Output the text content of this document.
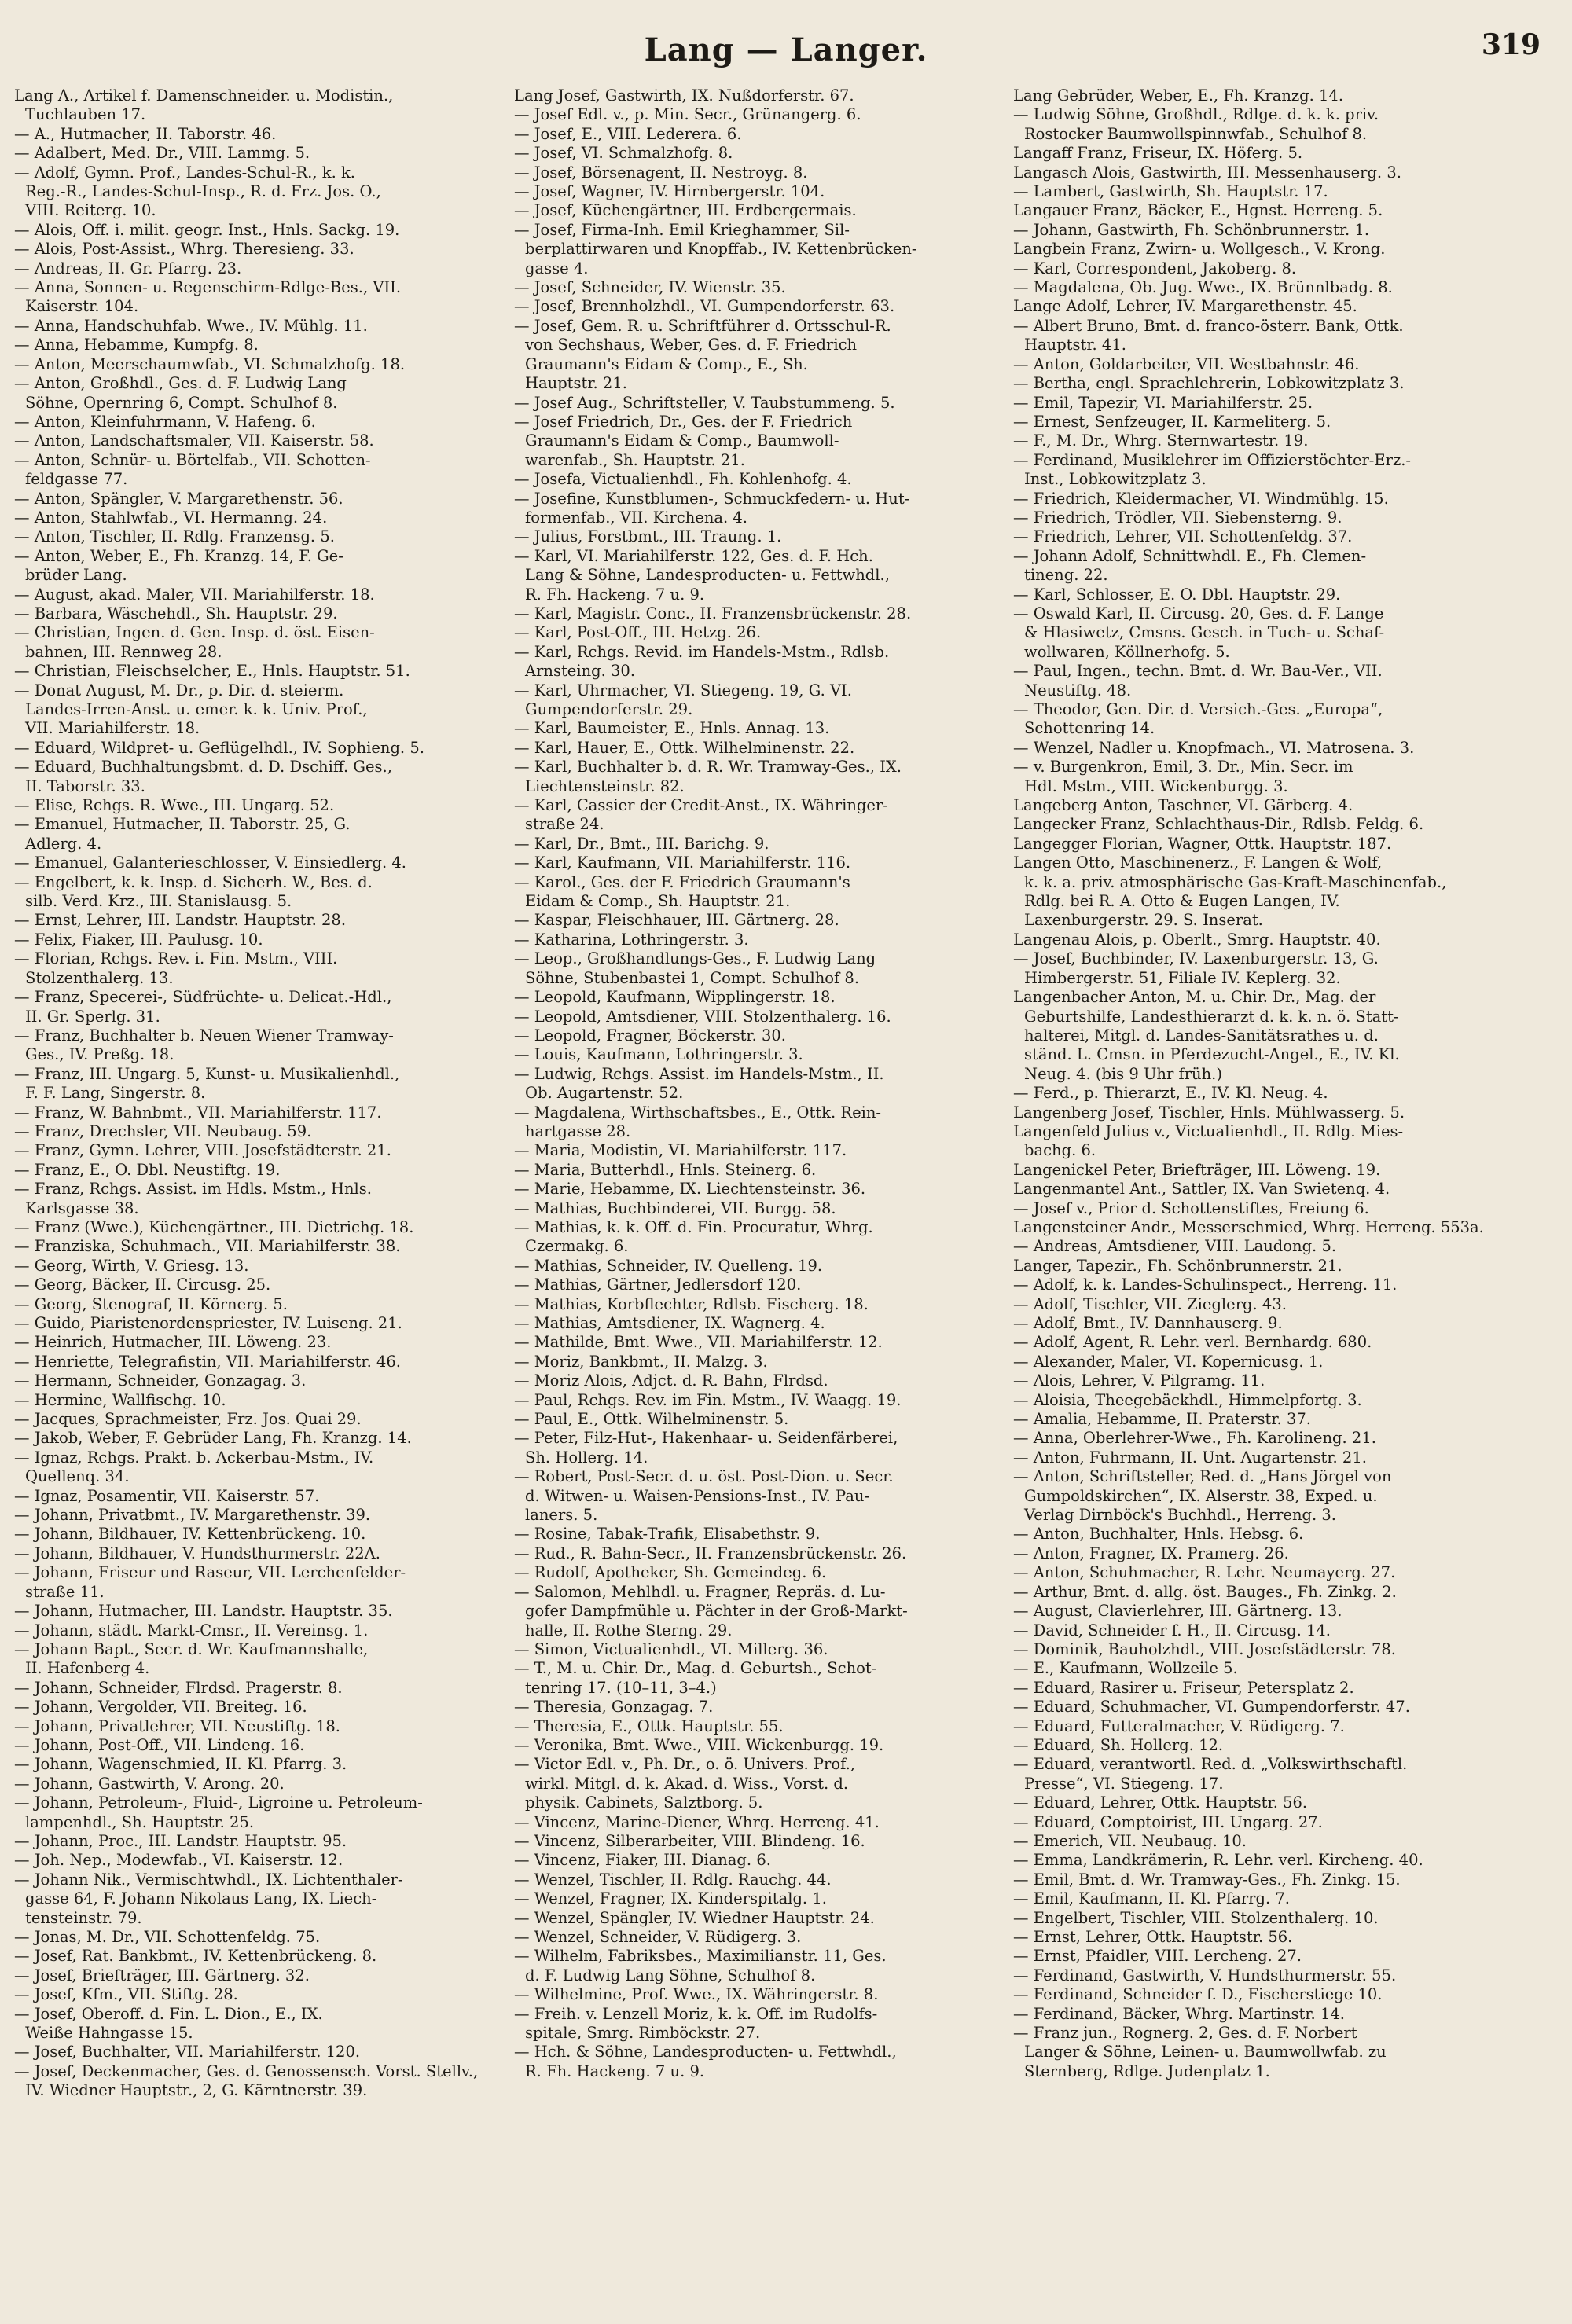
Lang — Langer.	319
Lang A., Artikel f. Damenschneider. u. Modistin.,
Tuchlauben 17.
— A., Hutmacher, II. Taborstr. 46.
— Adalbert, Med. Dr., VIII. Lammg. 5.
— Adolf, Gymn. Prof., Landes-Schul-R., k. k.
Reg.-R., Landes-Schul-Insp., R. d. Frz. Jos. O.,
VIII. Reiterg. 10.
— Alois, Off. i. milit. geogr. Inst., Hnls. Sackg. 19.
— Alois, Post-Assist., Whrg. Theresieng. 33.
— Andreas, II. Gr. Pfarrg. 23.
— Anna, Sonnen- u. Regenschirm-Rdlge-Bes., VII.
Kaiserstr. 104.
— Anna, Handschuhfab. Wwe., IV. Mühlg. 11.
— Anna, Hebamme, Kumpfg. 8.
— Anton, Meerschaumwfab., VI. Schmalzhofg. 18.
— Anton, Großhdl., Ges. d. F. Ludwig Lang
Söhne, Opernring 6, Compt. Schulhof 8.
— Anton, Kleinfuhrmann, V. Hafeng. 6.
— Anton, Landschaftsmaler, VII. Kaiserstr. 58.
— Anton, Schnür- u. Börtelfab., VII. Schotten-
feldgasse 77.
— Anton, Spängler, V. Margarethenstr. 56.
— Anton, Stahlwfab., VI. Hermanng. 24.
— Anton, Tischler, II. Rdlg. Franzensg. 5.
— Anton, Weber, E., Fh. Kranzg. 14, F. Ge-
brüder Lang.
— August, akad. Maler, VII. Mariahilferstr. 18.
— Barbara, Wäschehdl., Sh. Hauptstr. 29.
— Christian, Ingen. d. Gen. Insp. d. öst. Eisen-
bahnen, III. Rennweg 28.
— Christian, Fleischselcher, E., Hnls. Hauptstr. 51.
— Donat August, M. Dr., p. Dir. d. steierm.
Landes-Irren-Anst. u. emer. k. k. Univ. Prof.,
VII. Mariahilferstr. 18.
— Eduard, Wildpret- u. Geflügelhdl., IV. Sophieng. 5.
— Eduard, Buchhaltungsbmt. d. D. Dschiff. Ges.,
II. Taborstr. 33.
— Elise, Rchgs. R. Wwe., III. Ungarg. 52.
— Emanuel, Hutmacher, II. Taborstr. 25, G.
Adlerg. 4.
— Emanuel, Galanterieschlosser, V. Einsiedlerg. 4.
— Engelbert, k. k. Insp. d. Sicherh. W., Bes. d.
silb. Verd. Krz., III. Stanislausg. 5.
— Ernst, Lehrer, III. Landstr. Hauptstr. 28.
— Felix, Fiaker, III. Paulusg. 10.
— Florian, Rchgs. Rev. i. Fin. Mstm., VIII.
Stolzenthalerg. 13.
— Franz, Specerei-, Südfrüchte- u. Delicat.-Hdl.,
II. Gr. Sperlg. 31.
— Franz, Buchhalter b. Neuen Wiener Tramway-
Ges., IV. Preßg. 18.
— Franz, III. Ungarg. 5, Kunst- u. Musikalienhdl.,
F. F. Lang, Singerstr. 8.
— Franz, W. Bahnbmt., VII. Mariahilferstr. 117.
— Franz, Drechsler, VII. Neubaug. 59.
— Franz, Gymn. Lehrer, VIII. Josefstädterstr. 21.
— Franz, E., O. Dbl. Neustiftg. 19.
— Franz, Rchgs. Assist. im Hdls. Mstm., Hnls.
Karlsgasse 38.
— Franz (Wwe.), Küchengärtner., III. Dietrichg. 18.
— Franziska, Schuhmach., VII. Mariahilferstr. 38.
— Georg, Wirth, V. Griesg. 13.
— Georg, Bäcker, II. Circusg. 25.
— Georg, Stenograf, II. Körnerg. 5.
— Guido, Piaristenordenspriester, IV. Luiseng. 21.
— Heinrich, Hutmacher, III. Löweng. 23.
— Henriette, Telegrafistin, VII. Mariahilferstr. 46.
— Hermann, Schneider, Gonzagag. 3.
— Hermine, Wallfischg. 10.
— Jacques, Sprachmeister, Frz. Jos. Quai 29.
— Jakob, Weber, F. Gebrüder Lang, Fh. Kranzg. 14.
— Ignaz, Rchgs. Prakt. b. Ackerbau-Mstm., IV.
Quellenq. 34.
— Ignaz, Posamentir, VII. Kaiserstr. 57.
— Johann, Privatbmt., IV. Margarethenstr. 39.
— Johann, Bildhauer, IV. Kettenbrückeng. 10.
— Johann, Bildhauer, V. Hundsthurmerstr. 22A.
— Johann, Friseur und Raseur, VII. Lerchenfelder-
straße 11.
— Johann, Hutmacher, III. Landstr. Hauptstr. 35.
— Johann, städt. Markt-Cmsr., II. Vereinsg. 1.
— Johann Bapt., Secr. d. Wr. Kaufmannshalle,
II. Hafenberg 4.
— Johann, Schneider, Flrdsd. Pragerstr. 8.
— Johann, Vergolder, VII. Breiteg. 16.
— Johann, Privatlehrer, VII. Neustiftg. 18.
— Johann, Post-Off., VII. Lindeng. 16.
— Johann, Wagenschmied, II. Kl. Pfarrg. 3.
— Johann, Gastwirth, V. Arong. 20.
— Johann, Petroleum-, Fluid-, Ligroine u. Petroleum-
lampenhdl., Sh. Hauptstr. 25.
— Johann, Proc., III. Landstr. Hauptstr. 95.
— Joh. Nep., Modewfab., VI. Kaiserstr. 12.
— Johann Nik., Vermischtwhdl., IX. Lichtenthaler-
gasse 64, F. Johann Nikolaus Lang, IX. Liech-
tensteinstr. 79.
— Jonas, M. Dr., VII. Schottenfeldg. 75.
— Josef, Rat. Bankbmt., IV. Kettenbrückeng. 8.
— Josef, Briefträger, III. Gärtnerg. 32.
— Josef, Kfm., VII. Stiftg. 28.
— Josef, Oberoff. d. Fin. L. Dion., E., IX.
Weiße Hahngasse 15.
— Josef, Buchhalter, VII. Mariahilferstr. 120.
— Josef, Deckenmacher, Ges. d. Genossensch. Vorst. Stellv.,
IV. Wiedner Hauptstr., 2, G. Kärntnerstr. 39.
Lang Josef, Gastwirth, IX. Nußdorferstr. 67.
— Josef Edl. v., p. Min. Secr., Grünangerg. 6.
— Josef, E., VIII. Lederera. 6.
— Josef, VI. Schmalzhofg. 8.
— Josef, Börsenagent, II. Nestroyg. 8.
— Josef, Wagner, IV. Hirnbergerstr. 104.
— Josef, Küchengärtner, III. Erdbergermais.
— Josef, Firma-Inh. Emil Krieghammer, Sil-
berplattirwaren und Knopffab., IV. Kettenbrücken-
gasse 4.
— Josef, Schneider, IV. Wienstr. 35.
— Josef, Brennholzhdl., VI. Gumpendorferstr. 63.
— Josef, Gem. R. u. Schriftführer d. Ortsschul-R.
von Sechshaus, Weber, Ges. d. F. Friedrich
Graumann's Eidam & Comp., E., Sh.
Hauptstr. 21.
— Josef Aug., Schriftsteller, V. Taubstummeng. 5.
— Josef Friedrich, Dr., Ges. der F. Friedrich
Graumann's Eidam & Comp., Baumwoll-
warenfab., Sh. Hauptstr. 21.
— Josefa, Victualienhdl., Fh. Kohlenhofg. 4.
— Josefine, Kunstblumen-, Schmuckfedern- u. Hut-
formenfab., VII. Kirchena. 4.
— Julius, Forstbmt., III. Traung. 1.
— Karl, VI. Mariahilferstr. 122, Ges. d. F. Hch.
Lang & Söhne, Landesproducten- u. Fettwhdl.,
R. Fh. Hackeng. 7 u. 9.
— Karl, Magistr. Conc., II. Franzensbrückenstr. 28.
— Karl, Post-Off., III. Hetzg. 26.
— Karl, Rchgs. Revid. im Handels-Mstm., Rdlsb.
Arnsteing. 30.
— Karl, Uhrmacher, VI. Stiegeng. 19, G. VI.
Gumpendorferstr. 29.
— Karl, Baumeister, E., Hnls. Annag. 13.
— Karl, Hauer, E., Ottk. Wilhelminenstr. 22.
— Karl, Buchhalter b. d. R. Wr. Tramway-Ges., IX.
Liechtensteinstr. 82.
— Karl, Cassier der Credit-Anst., IX. Währinger-
straße 24.
— Karl, Dr., Bmt., III. Barichg. 9.
— Karl, Kaufmann, VII. Mariahilferstr. 116.
— Karol., Ges. der F. Friedrich Graumann's
Eidam & Comp., Sh. Hauptstr. 21.
— Kaspar, Fleischhauer, III. Gärtnerg. 28.
— Katharina, Lothringerstr. 3.
— Leop., Großhandlungs-Ges., F. Ludwig Lang
Söhne, Stubenbastei 1, Compt. Schulhof 8.
— Leopold, Kaufmann, Wipplingerstr. 18.
— Leopold, Amtsdiener, VIII. Stolzenthalerg. 16.
— Leopold, Fragner, Böckerstr. 30.
— Louis, Kaufmann, Lothringerstr. 3.
— Ludwig, Rchgs. Assist. im Handels-Mstm., II.
Ob. Augartenstr. 52.
— Magdalena, Wirthschaftsbes., E., Ottk. Rein-
hartgasse 28.
— Maria, Modistin, VI. Mariahilferstr. 117.
— Maria, Butterhdl., Hnls. Steinerg. 6.
— Marie, Hebamme, IX. Liechtensteinstr. 36.
— Mathias, Buchbinderei, VII. Burgg. 58.
— Mathias, k. k. Off. d. Fin. Procuratur, Whrg.
Czermakg. 6.
— Mathias, Schneider, IV. Quelleng. 19.
— Mathias, Gärtner, Jedlersdorf 120.
— Mathias, Korbflechter, Rdlsb. Fischerg. 18.
— Mathias, Amtsdiener, IX. Wagnerg. 4.
— Mathilde, Bmt. Wwe., VII. Mariahilferstr. 12.
— Moriz, Bankbmt., II. Malzg. 3.
— Moriz Alois, Adjct. d. R. Bahn, Flrdsd.
— Paul, Rchgs. Rev. im Fin. Mstm., IV. Waagg. 19.
— Paul, E., Ottk. Wilhelminenstr. 5.
— Peter, Filz-Hut-, Hakenhaar- u. Seidenfärberei,
Sh. Hollerg. 14.
— Robert, Post-Secr. d. u. öst. Post-Dion. u. Secr.
d. Witwen- u. Waisen-Pensions-Inst., IV. Pau-
laners. 5.
— Rosine, Tabak-Trafik, Elisabethstr. 9.
— Rud., R. Bahn-Secr., II. Franzensbrückenstr. 26.
— Rudolf, Apotheker, Sh. Gemeindeg. 6.
— Salomon, Mehlhdl. u. Fragner, Repräs. d. Lu-
gofer Dampfmühle u. Pächter in der Groß-Markt-
halle, II. Rothe Sterng. 29.
— Simon, Victualienhdl., VI. Millerg. 36.
— T., M. u. Chir. Dr., Mag. d. Geburtsh., Schot-
tenring 17. (10–11, 3–4.)
— Theresia, Gonzagag. 7.
— Theresia, E., Ottk. Hauptstr. 55.
— Veronika, Bmt. Wwe., VIII. Wickenburgg. 19.
— Victor Edl. v., Ph. Dr., o. ö. Univers. Prof.,
wirkl. Mitgl. d. k. Akad. d. Wiss., Vorst. d.
physik. Cabinets, Salztborg. 5.
— Vincenz, Marine-Diener, Whrg. Herreng. 41.
— Vincenz, Silberarbeiter, VIII. Blindeng. 16.
— Vincenz, Fiaker, III. Dianag. 6.
— Wenzel, Tischler, II. Rdlg. Rauchg. 44.
— Wenzel, Fragner, IX. Kinderspitalg. 1.
— Wenzel, Spängler, IV. Wiedner Hauptstr. 24.
— Wenzel, Schneider, V. Rüdigerg. 3.
— Wilhelm, Fabriksbes., Maximilianstr. 11, Ges.
d. F. Ludwig Lang Söhne, Schulhof 8.
— Wilhelmine, Prof. Wwe., IX. Währingerstr. 8.
— Freih. v. Lenzell Moriz, k. k. Off. im Rudolfs-
spitale, Smrg. Rimböckstr. 27.
— Hch. & Söhne, Landesproducten- u. Fettwhdl.,
R. Fh. Hackeng. 7 u. 9.
Lang Gebrüder, Weber, E., Fh. Kranzg. 14.
— Ludwig Söhne, Großhdl., Rdlge. d. k. k. priv.
Rostocker Baumwollspinnwfab., Schulhof 8.
Langaff Franz, Friseur, IX. Höferg. 5.
Langasch Alois, Gastwirth, III. Messenhauserg. 3.
— Lambert, Gastwirth, Sh. Hauptstr. 17.
Langauer Franz, Bäcker, E., Hgnst. Herreng. 5.
— Johann, Gastwirth, Fh. Schönbrunnerstr. 1.
Langbein Franz, Zwirn- u. Wollgesch., V. Krong.
— Karl, Correspondent, Jakoberg. 8.
— Magdalena, Ob. Jug. Wwe., IX. Brünnlbadg. 8.
Lange Adolf, Lehrer, IV. Margarethenstr. 45.
— Albert Bruno, Bmt. d. franco-österr. Bank, Ottk.
Hauptstr. 41.
— Anton, Goldarbeiter, VII. Westbahnstr. 46.
— Bertha, engl. Sprachlehrerin, Lobkowitzplatz 3.
— Emil, Tapezir, VI. Mariahilferstr. 25.
— Ernest, Senfzeuger, II. Karmeliterg. 5.
— F., M. Dr., Whrg. Sternwartestr. 19.
— Ferdinand, Musiklehrer im Offizierstöchter-Erz.-
Inst., Lobkowitzplatz 3.
— Friedrich, Kleidermacher, VI. Windmühlg. 15.
— Friedrich, Trödler, VII. Siebensterng. 9.
— Friedrich, Lehrer, VII. Schottenfeldg. 37.
— Johann Adolf, Schnittwhdl. E., Fh. Clemen-
tineng. 22.
— Karl, Schlosser, E. O. Dbl. Hauptstr. 29.
— Oswald Karl, II. Circusg. 20, Ges. d. F. Lange
& Hlasiwetz, Cmsns. Gesch. in Tuch- u. Schaf-
wollwaren, Köllnerhofg. 5.
— Paul, Ingen., techn. Bmt. d. Wr. Bau-Ver., VII.
Neustiftg. 48.
— Theodor, Gen. Dir. d. Versich.-Ges. „Europa“,
Schottenring 14.
— Wenzel, Nadler u. Knopfmach., VI. Matrosena. 3.
— v. Burgenkron, Emil, 3. Dr., Min. Secr. im
Hdl. Mstm., VIII. Wickenburgg. 3.
Langeberg Anton, Taschner, VI. Gärberg. 4.
Langecker Franz, Schlachthaus-Dir., Rdlsb. Feldg. 6.
Langegger Florian, Wagner, Ottk. Hauptstr. 187.
Langen Otto, Maschinenerz., F. Langen & Wolf,
k. k. a. priv. atmosphärische Gas-Kraft-Maschinenfab.,
Rdlg. bei R. A. Otto & Eugen Langen, IV.
Laxenburgerstr. 29. S. Inserat.
Langenau Alois, p. Oberlt., Smrg. Hauptstr. 40.
— Josef, Buchbinder, IV. Laxenburgerstr. 13, G.
Himbergerstr. 51, Filiale IV. Keplerg. 32.
Langenbacher Anton, M. u. Chir. Dr., Mag. der
Geburtshilfe, Landesthierarzt d. k. k. n. ö. Statt-
halterei, Mitgl. d. Landes-Sanitätsrathes u. d.
ständ. L. Cmsn. in Pferdezucht-Angel., E., IV. Kl.
Neug. 4. (bis 9 Uhr früh.)
— Ferd., p. Thierarzt, E., IV. Kl. Neug. 4.
Langenberg Josef, Tischler, Hnls. Mühlwasserg. 5.
Langenfeld Julius v., Victualienhdl., II. Rdlg. Mies-
bachg. 6.
Langenickel Peter, Briefträger, III. Löweng. 19.
Langenmantel Ant., Sattler, IX. Van Swietenq. 4.
— Josef v., Prior d. Schottenstiftes, Freiung 6.
Langensteiner Andr., Messerschmied, Whrg. Herreng. 553a.
— Andreas, Amtsdiener, VIII. Laudong. 5.
Langer, Tapezir., Fh. Schönbrunnerstr. 21.
— Adolf, k. k. Landes-Schulinspect., Herreng. 11.
— Adolf, Tischler, VII. Zieglerg. 43.
— Adolf, Bmt., IV. Dannhauserg. 9.
— Adolf, Agent, R. Lehr. verl. Bernhardg. 680.
— Alexander, Maler, VI. Kopernicusg. 1.
— Alois, Lehrer, V. Pilgramg. 11.
— Aloisia, Theegebäckhdl., Himmelpfortg. 3.
— Amalia, Hebamme, II. Praterstr. 37.
— Anna, Oberlehrer-Wwe., Fh. Karolineng. 21.
— Anton, Fuhrmann, II. Unt. Augartenstr. 21.
— Anton, Schriftsteller, Red. d. „Hans Jörgel von
Gumpoldskirchen“, IX. Alserstr. 38, Exped. u.
Verlag Dirnböck's Buchhdl., Herreng. 3.
— Anton, Buchhalter, Hnls. Hebsg. 6.
— Anton, Fragner, IX. Pramerg. 26.
— Anton, Schuhmacher, R. Lehr. Neumayerg. 27.
— Arthur, Bmt. d. allg. öst. Bauges., Fh. Zinkg. 2.
— August, Clavierlehrer, III. Gärtnerg. 13.
— David, Schneider f. H., II. Circusg. 14.
— Dominik, Bauholzhdl., VIII. Josefstädterstr. 78.
— E., Kaufmann, Wollzeile 5.
— Eduard, Rasirer u. Friseur, Petersplatz 2.
— Eduard, Schuhmacher, VI. Gumpendorferstr. 47.
— Eduard, Futteralmacher, V. Rüdigerg. 7.
— Eduard, Sh. Hollerg. 12.
— Eduard, verantwortl. Red. d. „Volkswirthschaftl.
Presse“, VI. Stiegeng. 17.
— Eduard, Lehrer, Ottk. Hauptstr. 56.
— Eduard, Comptoirist, III. Ungarg. 27.
— Emerich, VII. Neubaug. 10.
— Emma, Landkrämerin, R. Lehr. verl. Kircheng. 40.
— Emil, Bmt. d. Wr. Tramway-Ges., Fh. Zinkg. 15.
— Emil, Kaufmann, II. Kl. Pfarrg. 7.
— Engelbert, Tischler, VIII. Stolzenthalerg. 10.
— Ernst, Lehrer, Ottk. Hauptstr. 56.
— Ernst, Pfaidler, VIII. Lercheng. 27.
— Ferdinand, Gastwirth, V. Hundsthurmerstr. 55.
— Ferdinand, Schneider f. D., Fischerstiege 10.
— Ferdinand, Bäcker, Whrg. Martinstr. 14.
— Franz jun., Rognerg. 2, Ges. d. F. Norbert
Langer & Söhne, Leinen- u. Baumwollwfab. zu
Sternberg, Rdlge. Judenplatz 1.
